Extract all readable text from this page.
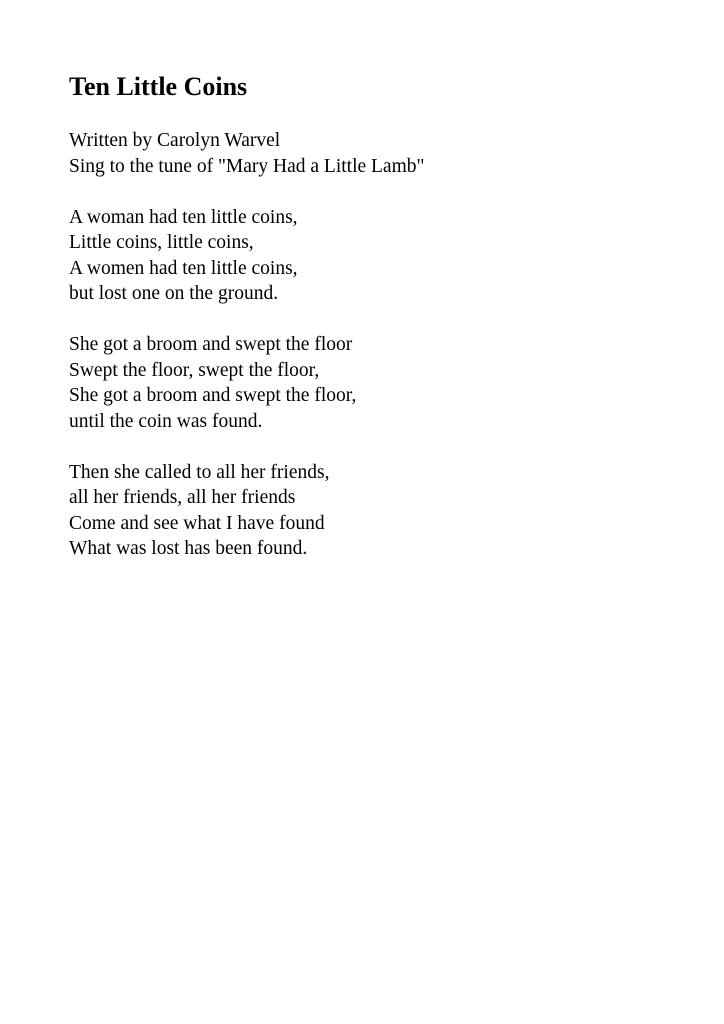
Ten Little Coins
Written by Carolyn Warvel
Sing to the tune of "Mary Had a Little Lamb"
A woman had ten little coins,
Little coins, little coins,
A women had ten little coins,
but lost one on the ground.
She got a broom and swept the floor
Swept the floor, swept the floor,
She got a broom and swept the floor,
until the coin was found.
Then she called to all her friends,
all her friends, all her friends
Come and see what I have found
What was lost has been found.
